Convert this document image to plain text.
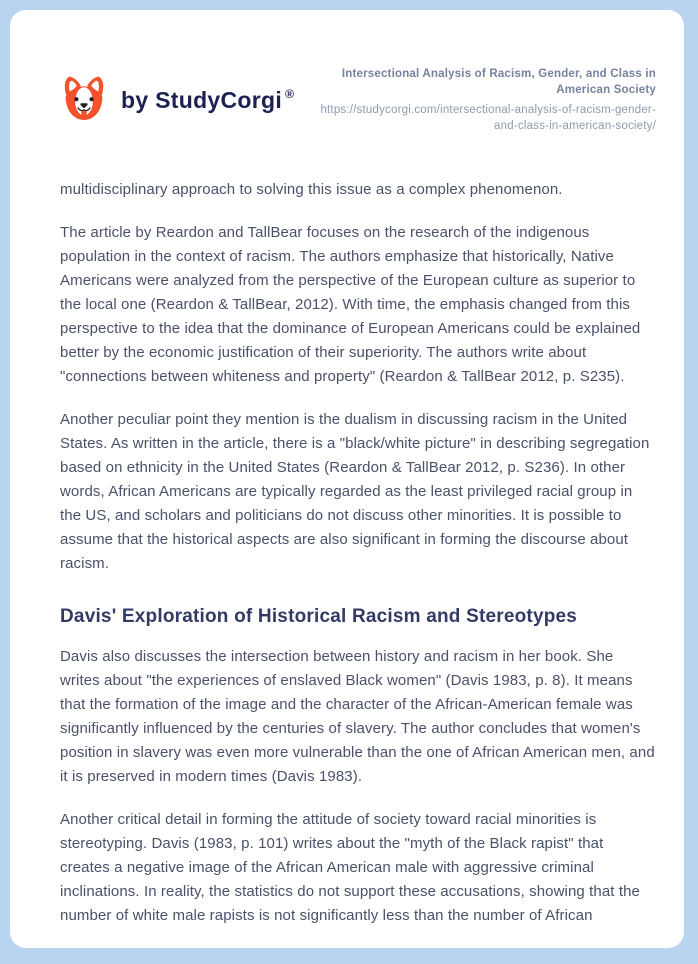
by StudyCorgi ®
Intersectional Analysis of Racism, Gender, and Class in American Society
https://studycorgi.com/intersectional-analysis-of-racism-gender-and-class-in-american-society/

multidisciplinary approach to solving this issue as a complex phenomenon.

The article by Reardon and TallBear focuses on the research of the indigenous population in the context of racism. The authors emphasize that historically, Native Americans were analyzed from the perspective of the European culture as superior to the local one (Reardon & TallBear, 2012). With time, the emphasis changed from this perspective to the idea that the dominance of European Americans could be explained better by the economic justification of their superiority. The authors write about "connections between whiteness and property" (Reardon & TallBear 2012, p. S235).

Another peculiar point they mention is the dualism in discussing racism in the United States. As written in the article, there is a "black/white picture" in describing segregation based on ethnicity in the United States (Reardon & TallBear 2012, p. S236). In other words, African Americans are typically regarded as the least privileged racial group in the US, and scholars and politicians do not discuss other minorities. It is possible to assume that the historical aspects are also significant in forming the discourse about racism.

Davis' Exploration of Historical Racism and Stereotypes

Davis also discusses the intersection between history and racism in her book. She writes about "the experiences of enslaved Black women" (Davis 1983, p. 8). It means that the formation of the image and the character of the African-American female was significantly influenced by the centuries of slavery. The author concludes that women's position in slavery was even more vulnerable than the one of African American men, and it is preserved in modern times (Davis 1983).

Another critical detail in forming the attitude of society toward racial minorities is stereotyping. Davis (1983, p. 101) writes about the "myth of the Black rapist" that creates a negative image of the African American male with aggressive criminal inclinations. In reality, the statistics do not support these accusations, showing that the number of white male rapists is not significantly less than the number of African
